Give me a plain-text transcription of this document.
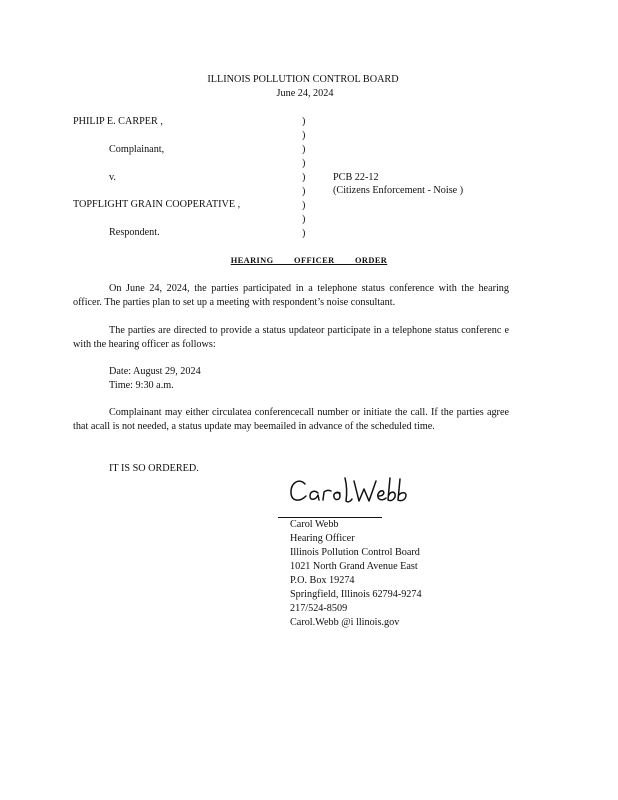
ILLINOIS POLLUTION CONTROL BOARD
June 24, 2024
PHILIP E. CARPER ,
Complainant,
v.
TOPFLIGHT GRAIN COOPERATIVE ,
Respondent.
PCB 22-12
(Citizens Enforcement - Noise )
)
)
)
)
)
)
)
)
)
HEARING OFFICER ORDER
On June 24, 2024, the parties participated in a telephone status conference with the hearing officer. The parties plan to set up a meeting with respondent’s noise consultant.
The parties are directed to provide a status updateor participate in a telephone status conferenc e with the hearing officer as follows:
Date: August 29, 2024
Time: 9:30 a.m.
Complainant may either circulatea conferencecall number or initiate the call. If the parties agree that acall is not needed, a status update may beemailed in advance of the scheduled time.
IT IS SO ORDERED.
Carol Webb
Hearing Officer
Illinois Pollution Control Board
1021 North Grand Avenue East
P.O. Box 19274
Springfield, Illinois 62794-9274
217/524-8509
Carol.Webb @i llinois.gov
